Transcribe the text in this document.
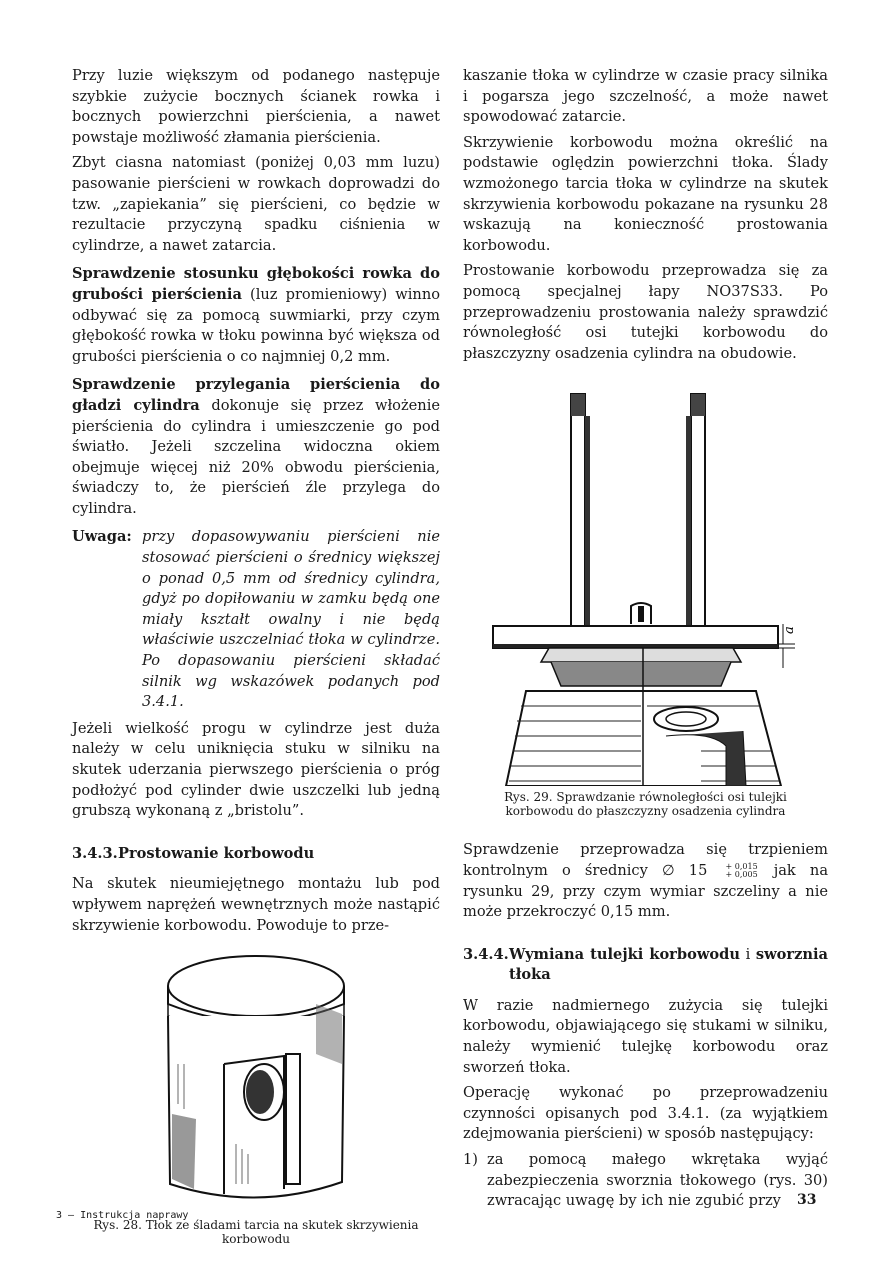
Przy luzie większym od podanego następuje szybkie zużycie bocznych ścianek rowka i bocznych powierzchni pierścienia, a nawet powstaje możliwość złamania pierścienia.

Zbyt ciasna natomiast (poniżej 0,03 mm luzu) pasowanie pierścieni w rowkach doprowadzi do tzw. „zapiekania” się pierścieni, co będzie w rezultacie przyczyną spadku ciśnienia w cylindrze, a nawet zatarcia.

Sprawdzenie stosunku głębokości rowka do grubości pierścienia (luz promieniowy) winno odbywać się za pomocą suwmiarki, przy czym głębokość rowka w tłoku powinna być większa od grubości pierścienia o co najmniej 0,2 mm.

Sprawdzenie przylegania pierścienia do gładzi cylindra dokonuje się przez włożenie pierścienia do cylindra i umieszczenie go pod światło. Jeżeli szczelina widoczna okiem obejmuje więcej niż 20% obwodu pierścienia, świadczy to, że pierścień źle przylega do cylindra.

Uwaga: przy dopasowywaniu pierścieni nie stosować pierścieni o średnicy większej o ponad 0,5 mm od średnicy cylindra, gdyż po dopiłowaniu w zamku będą one miały kształt owalny i nie będą właściwie uszczelniać tłoka w cylindrze. Po dopasowaniu pierścieni składać silnik wg wskazówek podanych pod 3.4.1.

Jeżeli wielkość progu w cylindrze jest duża należy w celu uniknięcia stuku w silniku na skutek uderzania pierwszego pierścienia o próg podłożyć pod cylinder dwie uszczelki lub jedną grubszą wykonaną z „bristolu”.

3.4.3.Prostowanie korbowodu

Na skutek nieumiejętnego montażu lub pod wpływem naprężeń wewnętrznych może nastąpić skrzywienie korbowodu. Powoduje to prze-

Rys. 28. Tłok ze śladami tarcia na skutek skrzywienia korbowodu

kaszanie tłoka w cylindrze w czasie pracy silnika i pogarsza jego szczelność, a może nawet spowodować zatarcie.

Skrzywienie korbowodu można określić na podstawie oględzin powierzchni tłoka. Ślady wzmożonego tarcia tłoka w cylindrze na skutek skrzywienia korbowodu pokazane na rysunku 28 wskazują na konieczność prostowania korbowodu.

Prostowanie korbowodu przeprowadza się za pomocą specjalnej łapy NO37S33. Po przeprowadzeniu prostowania należy sprawdzić równoległość osi tutejki korbowodu do płaszczyzny osadzenia cylindra na obudowie.

a
Rys. 29. Sprawdzanie równoległości osi tulejki korbowodu do płaszczyzny osadzenia cylindra

Sprawdzenie przeprowadza się trzpieniem kontrolnym o średnicy ∅ 15 + 0,015
+ 0,005 jak na rysunku 29, przy czym wymiar szczeliny a nie może przekroczyć 0,15 mm.

3.4.4. Wymiana tulejki korbowodu i sworznia tłoka

W razie nadmiernego zużycia się tulejki korbowodu, objawiającego się stukami w silniku, należy wymienić tulejkę korbowodu oraz sworzeń tłoka.

Operację wykonać po przeprowadzeniu czynności opisanych pod 3.4.1. (za wyjątkiem zdejmowania pierścieni) w sposób następujący:

1) za pomocą małego wkrętaka wyjąć zabezpieczenia sworznia tłokowego (rys. 30) zwracając uwagę by ich nie zgubić przy
3 — Instrukcja naprawy
33
